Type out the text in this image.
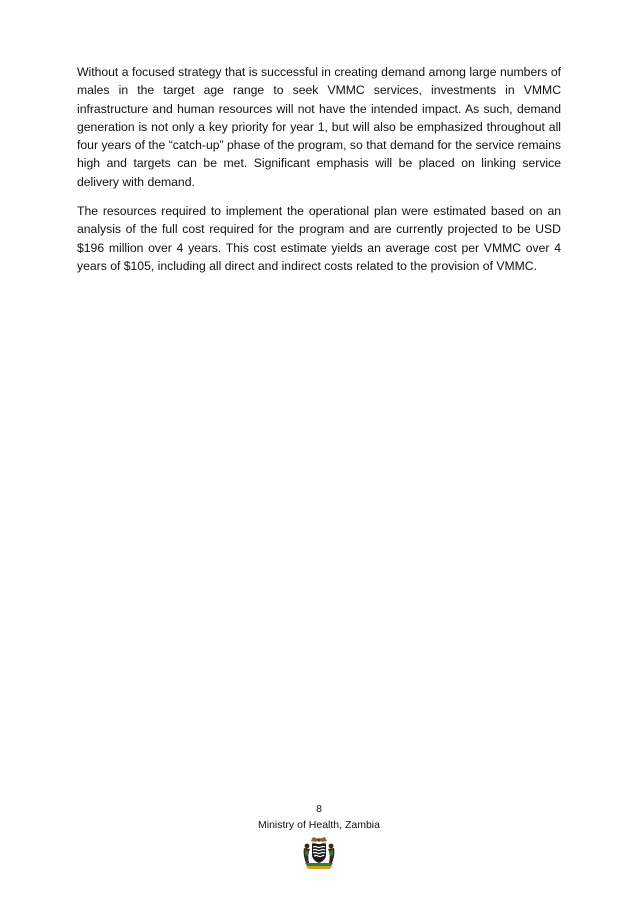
Without a focused strategy that is successful in creating demand among large numbers of males in the target age range to seek VMMC services, investments in VMMC infrastructure and human resources will not have the intended impact. As such, demand generation is not only a key priority for year 1, but will also be emphasized throughout all four years of the “catch-up” phase of the program, so that demand for the service remains high and targets can be met. Significant emphasis will be placed on linking service delivery with demand.

The resources required to implement the operational plan were estimated based on an analysis of the full cost required for the program and are currently projected to be USD $196 million over 4 years. This cost estimate yields an average cost per VMMC over 4 years of $105, including all direct and indirect costs related to the provision of VMMC.

8
Ministry of Health, Zambia
